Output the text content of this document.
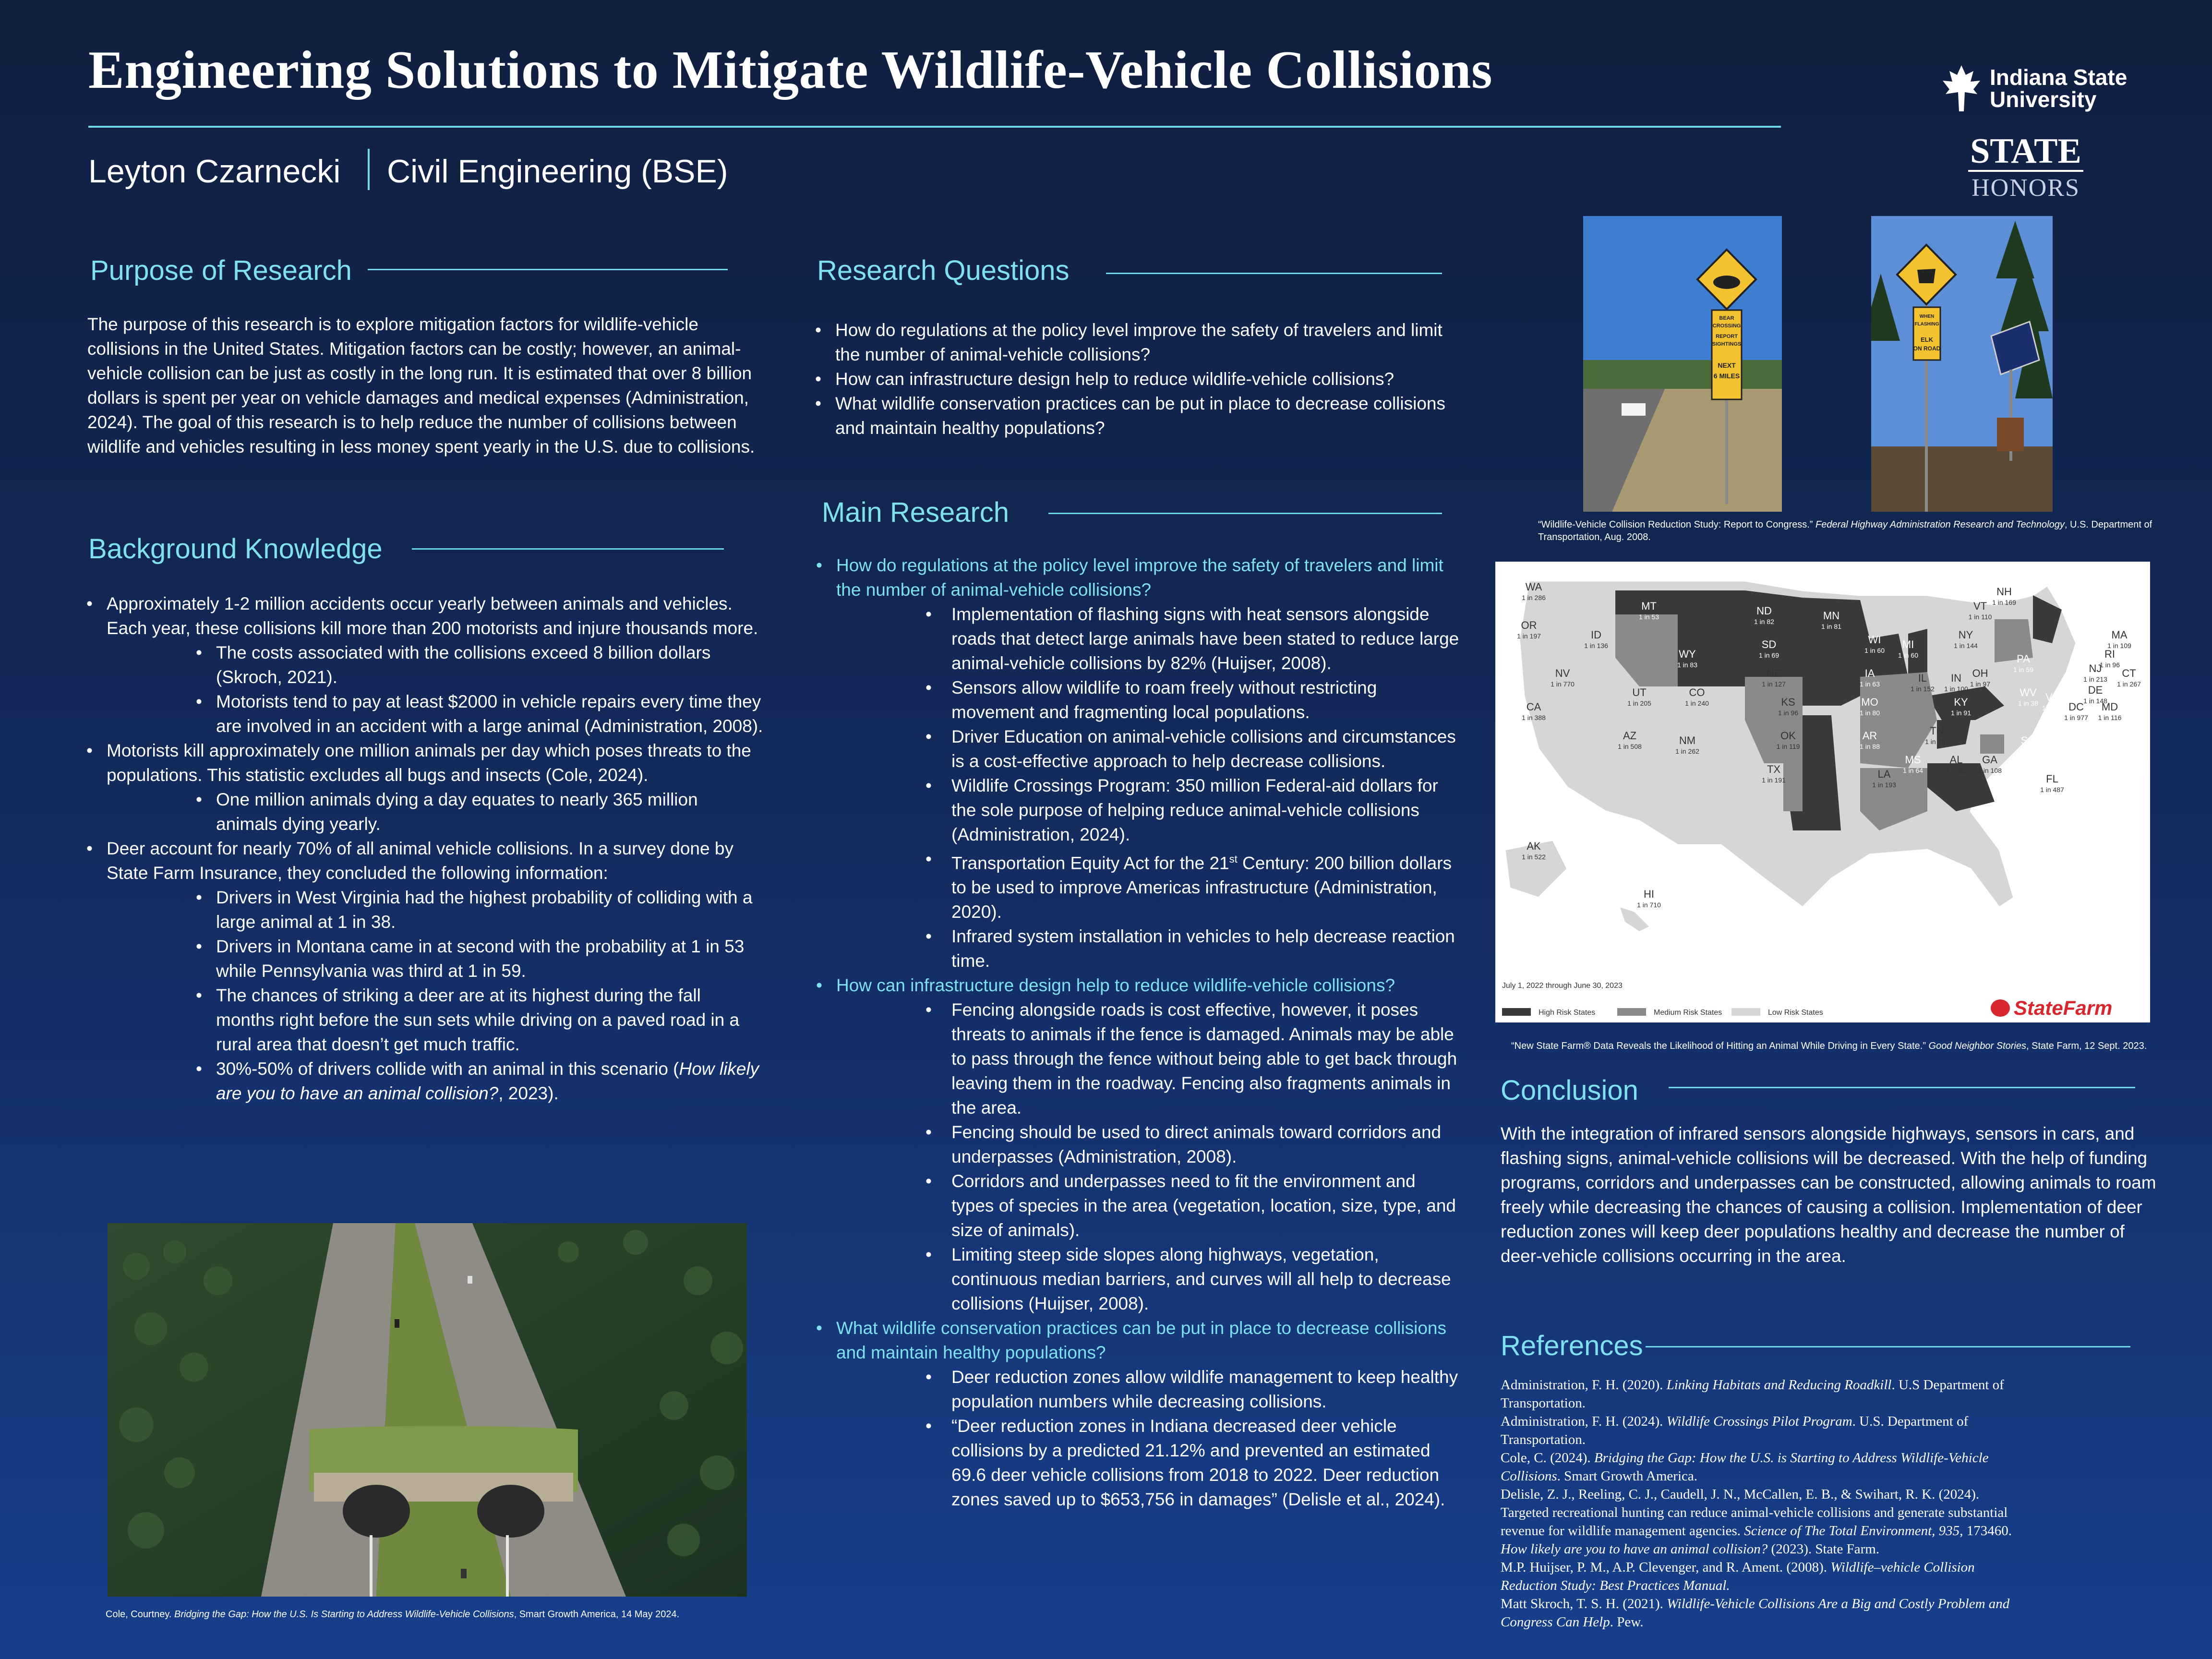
Engineering Solutions to Mitigate Wildlife-Vehicle Collisions
Leyton Czarnecki Civil Engineering (BSE)
Indiana State
University
STATE
HONORS
Purpose of Research
The purpose of this research is to explore mitigation factors for wildlife-vehicle collisions in the United States. Mitigation factors can be costly; however, an animal-vehicle collision can be just as costly in the long run. It is estimated that over 8 billion dollars is spent per year on vehicle damages and medical expenses (Administration, 2024). The goal of this research is to help reduce the number of collisions between wildlife and vehicles resulting in less money spent yearly in the U.S. due to collisions.
Background Knowledge
• Approximately 1-2 million accidents occur yearly between animals and vehicles. Each year, these collisions kill more than 200 motorists and injure thousands more.
• The costs associated with the collisions exceed 8 billion dollars (Skroch, 2021).
• Motorists tend to pay at least $2000 in vehicle repairs every time they are involved in an accident with a large animal (Administration, 2008).
• Motorists kill approximately one million animals per day which poses threats to the populations. This statistic excludes all bugs and insects (Cole, 2024).
• One million animals dying a day equates to nearly 365 million animals dying yearly.
• Deer account for nearly 70% of all animal vehicle collisions. In a survey done by State Farm Insurance, they concluded the following information:
• Drivers in West Virginia had the highest probability of colliding with a large animal at 1 in 38.
• Drivers in Montana came in at second with the probability at 1 in 53 while Pennsylvania was third at 1 in 59.
• The chances of striking a deer are at its highest during the fall months right before the sun sets while driving on a paved road in a rural area that doesn’t get much traffic.
• 30%-50% of drivers collide with an animal in this scenario (How likely are you to have an animal collision?, 2023).
Cole, Courtney. Bridging the Gap: How the U.S. Is Starting to Address Wildlife-Vehicle Collisions, Smart Growth America, 14 May 2024.
Research Questions
• How do regulations at the policy level improve the safety of travelers and limit the number of animal-vehicle collisions?
• How can infrastructure design help to reduce wildlife-vehicle collisions?
• What wildlife conservation practices can be put in place to decrease collisions and maintain healthy populations?
Main Research
• How do regulations at the policy level improve the safety of travelers and limit the number of animal-vehicle collisions?
• Implementation of flashing signs with heat sensors alongside roads that detect large animals have been stated to reduce large animal-vehicle collisions by 82% (Huijser, 2008).
• Sensors allow wildlife to roam freely without restricting movement and fragmenting local populations.
• Driver Education on animal-vehicle collisions and circumstances is a cost-effective approach to help decrease collisions.
• Wildlife Crossings Program: 350 million Federal-aid dollars for the sole purpose of helping reduce animal-vehicle collisions (Administration, 2024).
• Transportation Equity Act for the 21st Century: 200 billion dollars to be used to improve Americas infrastructure (Administration, 2020).
• Infrared system installation in vehicles to help decrease reaction time.
• How can infrastructure design help to reduce wildlife-vehicle collisions?
• Fencing alongside roads is cost effective, however, it poses threats to animals if the fence is damaged. Animals may be able to pass through the fence without being able to get back through leaving them in the roadway. Fencing also fragments animals in the area.
• Fencing should be used to direct animals toward corridors and underpasses (Administration, 2008).
• Corridors and underpasses need to fit the environment and types of species in the area (vegetation, location, size, type, and size of animals).
• Limiting steep side slopes along highways, vegetation, continuous median barriers, and curves will all help to decrease collisions (Huijser, 2008).
• What wildlife conservation practices can be put in place to decrease collisions and maintain healthy populations?
• Deer reduction zones allow wildlife management to keep healthy population numbers while decreasing collisions.
• “Deer reduction zones in Indiana decreased deer vehicle collisions by a predicted 21.12% and prevented an estimated 69.6 deer vehicle collisions from 2018 to 2022. Deer reduction zones saved up to $653,756 in damages” (Delisle et al., 2024).
BEAR
CROSSING
REPORT
SIGHTINGS
NEXT
6 MILES
WHEN
FLASHING
ELK
ON ROAD
“Wildlife-Vehicle Collision Reduction Study: Report to Congress.” Federal Highway Administration Research and Technology, U.S. Department of Transportation, Aug. 2008.
WA
1 in 286
OR
1 in 197	ID
1 in 136
MT
1 in 53	ND
1 in 82	MN
1 in 81
WI
1 in 60 MI
1 in 60
VT
1 in 110
NH
1 in 169
ME
1 in 83
NY
1 in 144
MA
1 in 109
RI
1 in 96
CT
1 in 267
NJ
1 in 213
DE
1 in 148
MD
1 in 116
DC
1 in 977
PA
1 in 59
WV
1 in 38 VA
1 in 78
NC
1 in 87
SC
1 in 83
GA
1 in 108
FL
1 in 487
AL
1 in 93
MS
1 in 64
TN
1 in 107
KY
1 in 91
OH
1 in 97
IN
1 in 100
IL
1 in 152
IA
1 in 63
MO
1 in 80
AR
1 in 88
LA
1 in 193
SD
1 in 69
NE
1 in 127
KS
1 in 96
OK
1 in 119
TX
1 in 191
WY
1 in 83
CO
1 in 240
NM
1 in 262
AZ
1 in 508
UT
1 in 205
NV
1 in 770
CA
1 in 388
AK
1 in 522
HI
1 in 710
July 1, 2022 through June 30, 2023
High Risk States	Medium Risk States	Low Risk States	StateFarm
“New State Farm® Data Reveals the Likelihood of Hitting an Animal While Driving in Every State.” Good Neighbor Stories, State Farm, 12 Sept. 2023.
Conclusion
With the integration of infrared sensors alongside highways, sensors in cars, and flashing signs, animal-vehicle collisions will be decreased. With the help of funding programs, corridors and underpasses can be constructed, allowing animals to roam freely while decreasing the chances of causing a collision. Implementation of deer reduction zones will keep deer populations healthy and decrease the number of deer-vehicle collisions occurring in the area.
References
Administration, F. H. (2020). Linking Habitats and Reducing Roadkill. U.S Department of Transportation.
Administration, F. H. (2024). Wildlife Crossings Pilot Program. U.S. Department of Transportation.
Cole, C. (2024). Bridging the Gap: How the U.S. is Starting to Address Wildlife-Vehicle Collisions. Smart Growth America.
Delisle, Z. J., Reeling, C. J., Caudell, J. N., McCallen, E. B., & Swihart, R. K. (2024). Targeted recreational hunting can reduce animal-vehicle collisions and generate substantial revenue for wildlife management agencies. Science of The Total Environment, 935, 173460.
How likely are you to have an animal collision? (2023). State Farm.
M.P. Huijser, P. M., A.P. Clevenger, and R. Ament. (2008). Wildlife–vehicle Collision Reduction Study: Best Practices Manual.
Matt Skroch, T. S. H. (2021). Wildlife-Vehicle Collisions Are a Big and Costly Problem and Congress Can Help. Pew.
